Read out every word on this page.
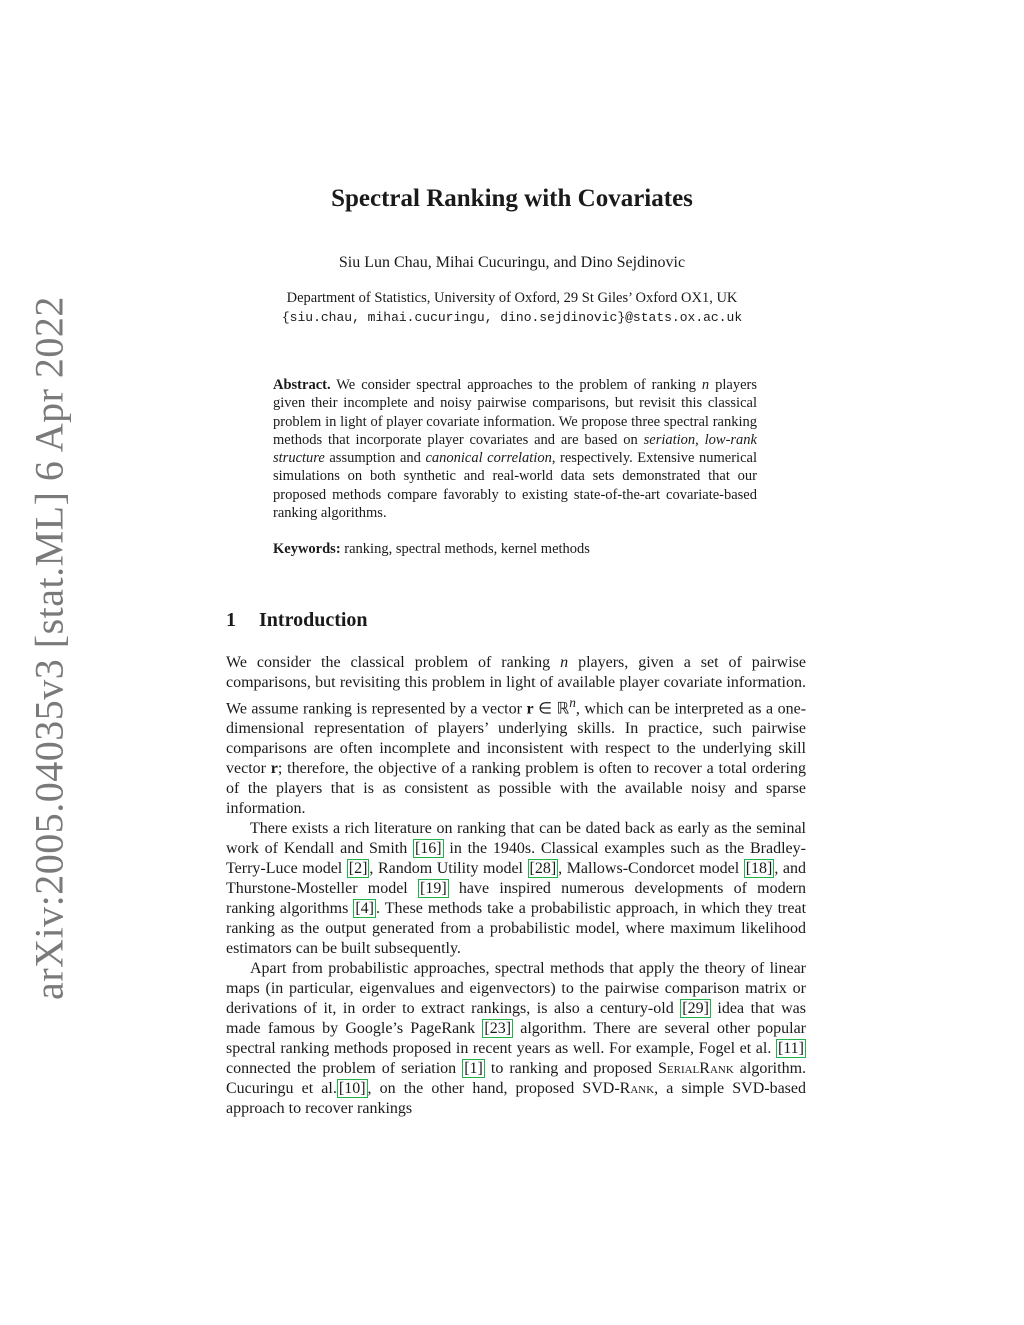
arXiv:2005.04035v3 [stat.ML] 6 Apr 2022
Spectral Ranking with Covariates
Siu Lun Chau, Mihai Cucuringu, and Dino Sejdinovic
Department of Statistics, University of Oxford, 29 St Giles’ Oxford OX1, UK
{siu.chau, mihai.cucuringu, dino.sejdinovic}@stats.ox.ac.uk

Abstract. We consider spectral approaches to the problem of ranking n players given their incomplete and noisy pairwise comparisons, but revisit this classical problem in light of player covariate information. We propose three spectral ranking methods that incorporate player covariates and are based on seriation, low-rank structure assumption and canonical correlation, respectively. Extensive numerical simulations on both synthetic and real-world data sets demonstrated that our proposed methods compare favorably to existing state-of-the-art covariate-based ranking algorithms.

Keywords: ranking, spectral methods, kernel methods
1 Introduction

We consider the classical problem of ranking n players, given a set of pairwise comparisons, but revisiting this problem in light of available player covariate information. We assume ranking is represented by a vector r ∈ ℝ$^n$, which can be interpreted as a one-dimensional representation of players’ underlying skills. In practice, such pairwise comparisons are often incomplete and inconsistent with respect to the underlying skill vector r; therefore, the objective of a ranking problem is often to recover a total ordering of the players that is as consistent as possible with the available noisy and sparse information.

There exists a rich literature on ranking that can be dated back as early as the seminal work of Kendall and Smith [16] in the 1940s. Classical examples such as the Bradley-Terry-Luce model [2] , Random Utility model [28] , Mallows-Condorcet model [18] , and Thurstone-Mosteller model [19] have inspired numerous developments of modern ranking algorithms [4] . These methods take a probabilistic approach, in which they treat ranking as the output generated from a probabilistic model, where maximum likelihood estimators can be built subsequently.

Apart from probabilistic approaches, spectral methods that apply the theory of linear maps (in particular, eigenvalues and eigenvectors) to the pairwise comparison matrix or derivations of it, in order to extract rankings, is also a century-old [29] idea that was made famous by Google’s PageRank [23] algorithm. There are several other popular spectral ranking methods proposed in recent years as well. For example, Fogel et al. [11] connected the problem of seriation [1] to ranking and proposed SerialRank algorithm. Cucuringu et al. [10] , on the other hand, proposed SVD-Rank, a simple SVD-based approach to recover rankings
